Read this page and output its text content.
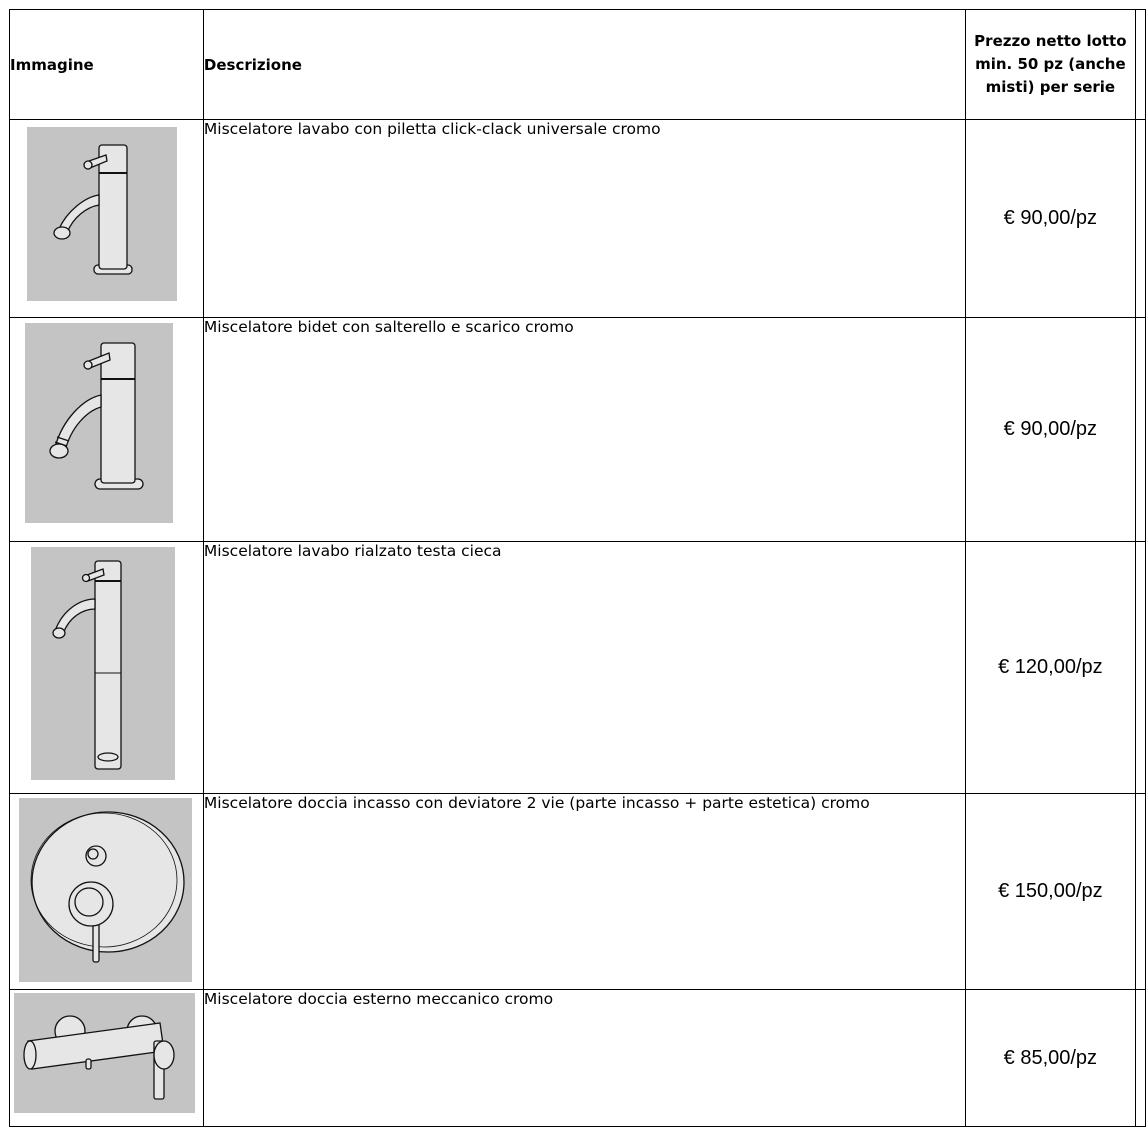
Immagine	Descrizione	Prezzo netto lotto
min. 50 pz (anche
misti) per serie	

	Miscelatore lavabo con piletta click-clack universale cromo	€ 90,00/pz	

	Miscelatore bidet con salterello e scarico cromo	€ 90,00/pz	

	Miscelatore lavabo rialzato testa cieca	€ 120,00/pz	

	Miscelatore doccia incasso con deviatore 2 vie (parte incasso + parte estetica) cromo	€ 150,00/pz	

	Miscelatore doccia esterno meccanico cromo	€ 85,00/pz	
